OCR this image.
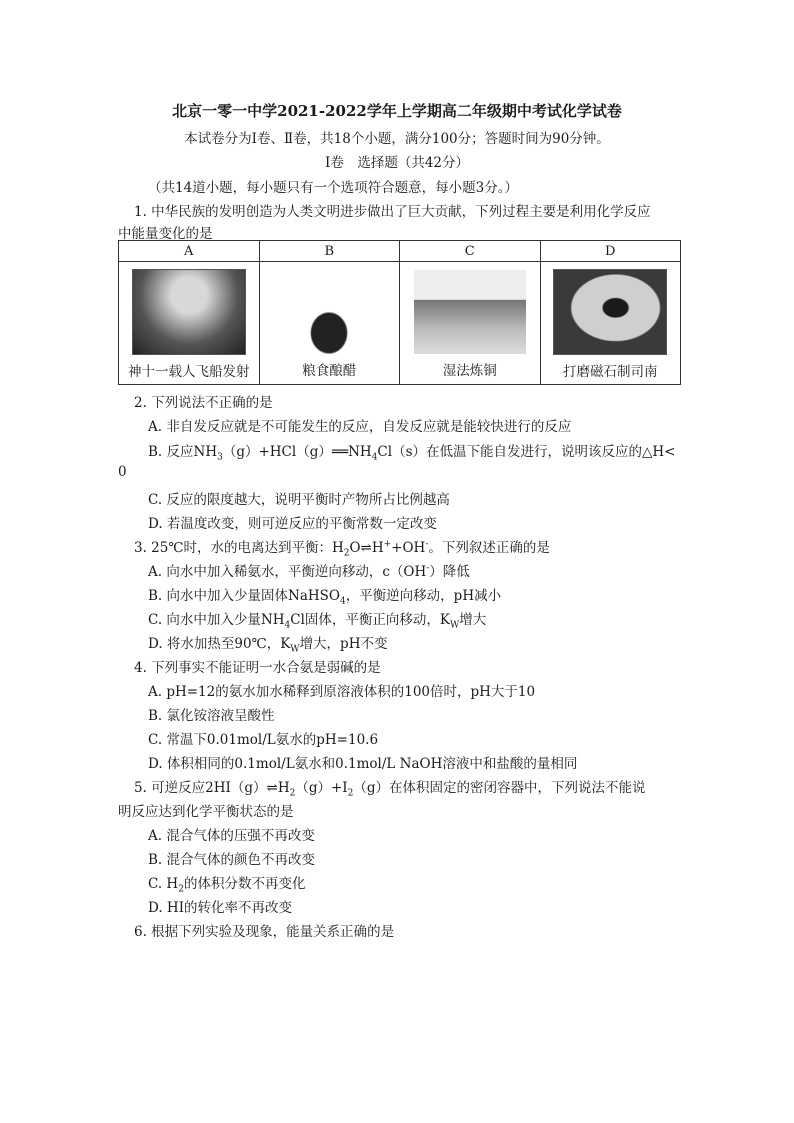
北京一零一中学2021-2022学年上学期高二年级期中考试化学试卷
本试卷分为Ⅰ卷、Ⅱ卷，共18个小题，满分100分；答题时间为90分钟。
Ⅰ卷　选择题（共42分）
（共14道小题，每小题只有一个选项符合题意，每小题3分。）
1. 中华民族的发明创造为人类文明进步做出了巨大贡献，下列过程主要是利用化学反应
中能量变化的是
A	B	C	D

神十一载人飞船发射	粮食酿醋	湿法炼铜	打磨磁石制司南
2. 下列说法不正确的是
A. 非自发反应就是不可能发生的反应，自发反应就是能较快进行的反应
B. 反应$NH_3(g)+HCl(g)══NH_4Cl(s)$在低温下能自发进行，说明该反应的△H<
0
C. 反应的限度越大，说明平衡时产物所占比例越高
D. 若温度改变，则可逆反应的平衡常数一定改变
3. 25℃时，水的电离达到平衡：$H_2O\rightleftharpoons H^++OH^-$。下列叙述正确的是
A. 向水中加入稀氨水，平衡逆向移动，c（OH-）降低
B. 向水中加入少量固体NaHSO$_4$，平衡逆向移动，pH减小
C. 向水中加入少量$NH_4Cl$固体，平衡正向移动，$K_W$增大
D. 将水加热至90℃，$K_W$增大，pH不变
4. 下列事实不能证明一水合氨是弱碱的是
A. pH=12的氨水加水稀释到原溶液体积的100倍时，pH大于10
B. 氯化铵溶液呈酸性
C. 常温下0.01mol/L氨水的pH=10.6
D. 体积相同的0.1mol/L氨水和0.1mol/L NaOH溶液中和盐酸的量相同
5. 可逆反应$2HI(g)\rightleftharpoons H_2(g)+I_2(g)$在体积固定的密闭容器中，下列说法不能说
明反应达到化学平衡状态的是
A. 混合气体的压强不再改变
B. 混合气体的颜色不再改变
C. $H_2$的体积分数不再变化
D. HI的转化率不再改变
6. 根据下列实验及现象，能量关系正确的是
